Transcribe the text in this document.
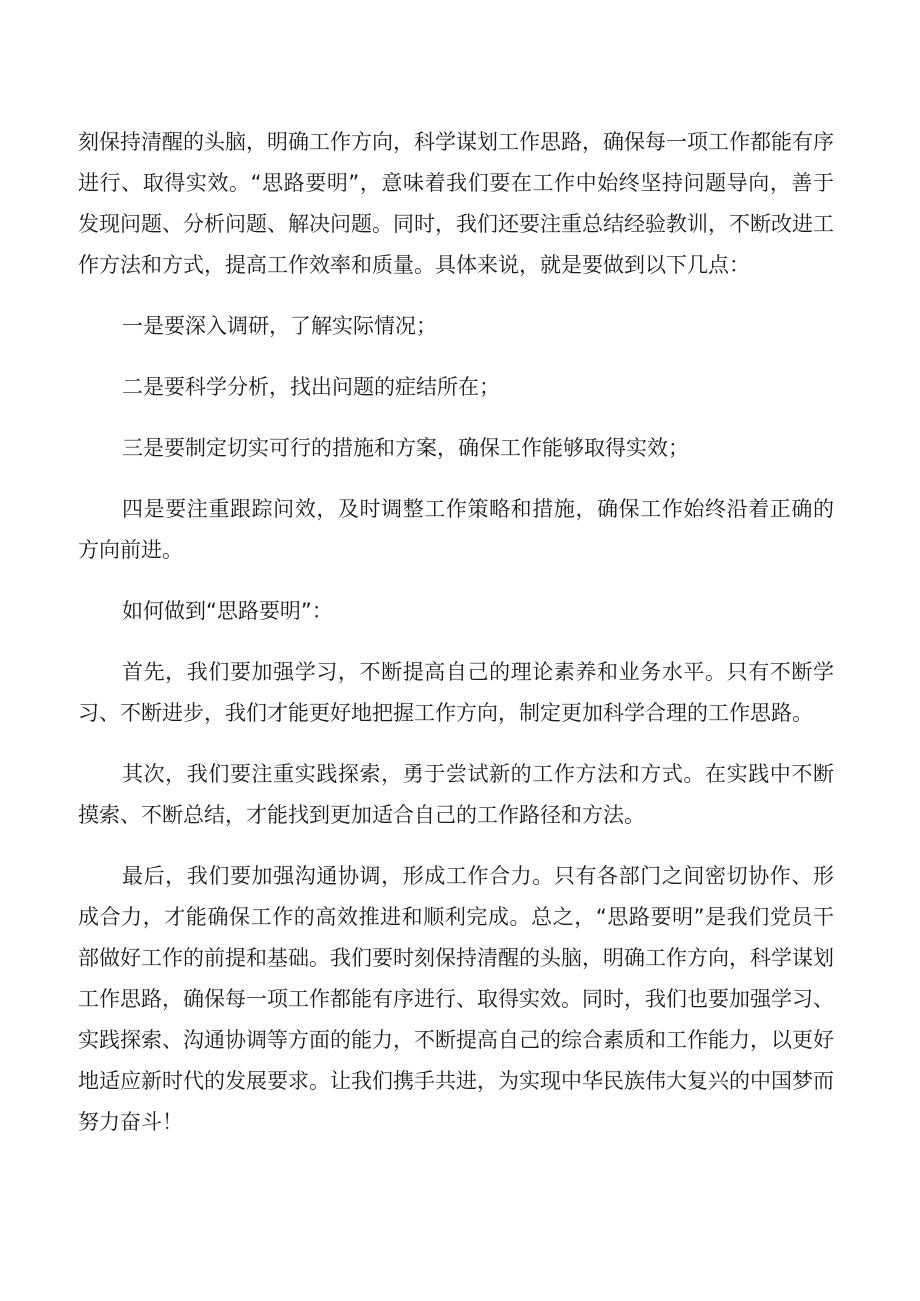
刻保持清醒的头脑，明确工作方向，科学谋划工作思路，确保每一项工作都能有序进行、取得实效。“思路要明”，意味着我们要在工作中始终坚持问题导向，善于发现问题、分析问题、解决问题。同时，我们还要注重总结经验教训，不断改进工作方法和方式，提高工作效率和质量。具体来说，就是要做到以下几点：

一是要深入调研，了解实际情况；

二是要科学分析，找出问题的症结所在；

三是要制定切实可行的措施和方案，确保工作能够取得实效；

四是要注重跟踪问效，及时调整工作策略和措施，确保工作始终沿着正确的方向前进。

如何做到“思路要明”：

首先，我们要加强学习，不断提高自己的理论素养和业务水平。只有不断学习、不断进步，我们才能更好地把握工作方向，制定更加科学合理的工作思路。

其次，我们要注重实践探索，勇于尝试新的工作方法和方式。在实践中不断摸索、不断总结，才能找到更加适合自己的工作路径和方法。

最后，我们要加强沟通协调，形成工作合力。只有各部门之间密切协作、形成合力，才能确保工作的高效推进和顺利完成。总之，“思路要明”是我们党员干部做好工作的前提和基础。我们要时刻保持清醒的头脑，明确工作方向，科学谋划工作思路，确保每一项工作都能有序进行、取得实效。同时，我们也要加强学习、实践探索、沟通协调等方面的能力，不断提高自己的综合素质和工作能力，以更好地适应新时代的发展要求。让我们携手共进，为实现中华民族伟大复兴的中国梦而努力奋斗！
